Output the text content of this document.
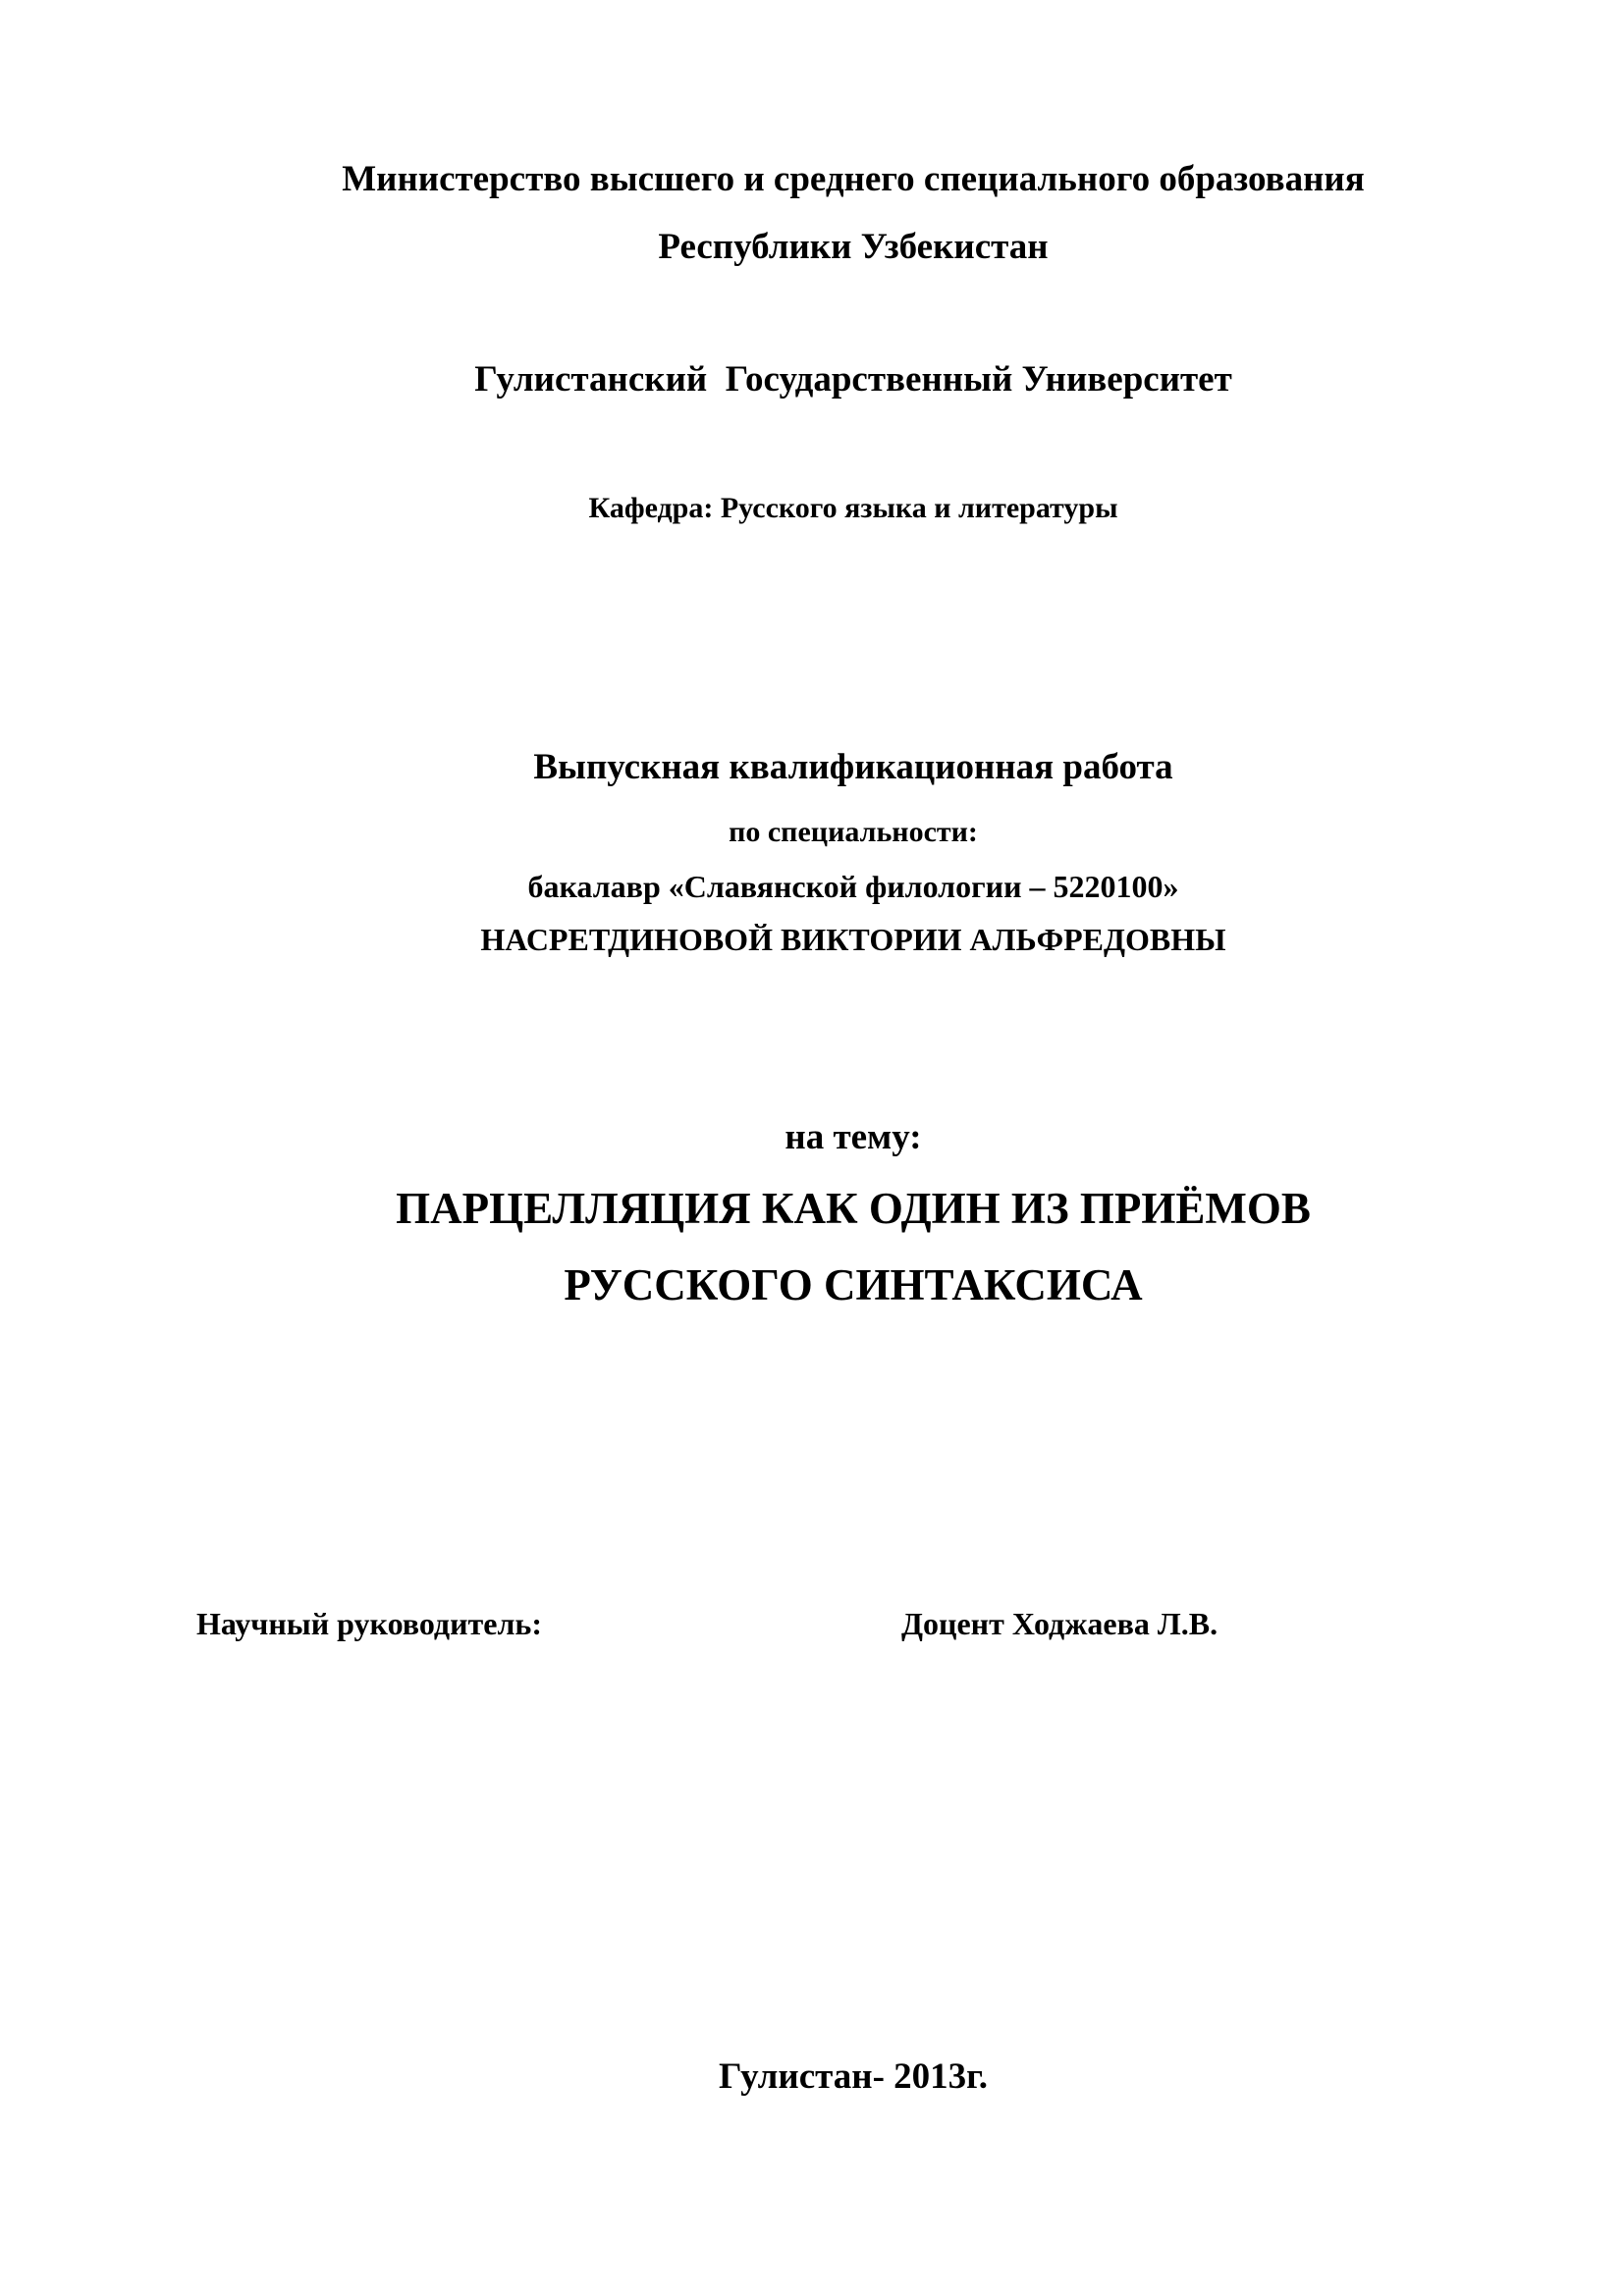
Министерство высшего и среднего специального образования
Республики Узбекистан
Гулистанский  Государственный Университет
Кафедра: Русского языка и литературы
Выпускная квалификационная работа
по специальности:
бакалавр «Славянской филологии – 5220100»
НАСРЕТДИНОВОЙ ВИКТОРИИ АЛЬФРЕДОВНЫ
на тему:
ПАРЦЕЛЛЯЦИЯ КАК ОДИН ИЗ ПРИЁМОВ
РУССКОГО СИНТАКСИСА
Научный руководитель:	Доцент Ходжаева Л.В.
Гулистан- 2013г.
